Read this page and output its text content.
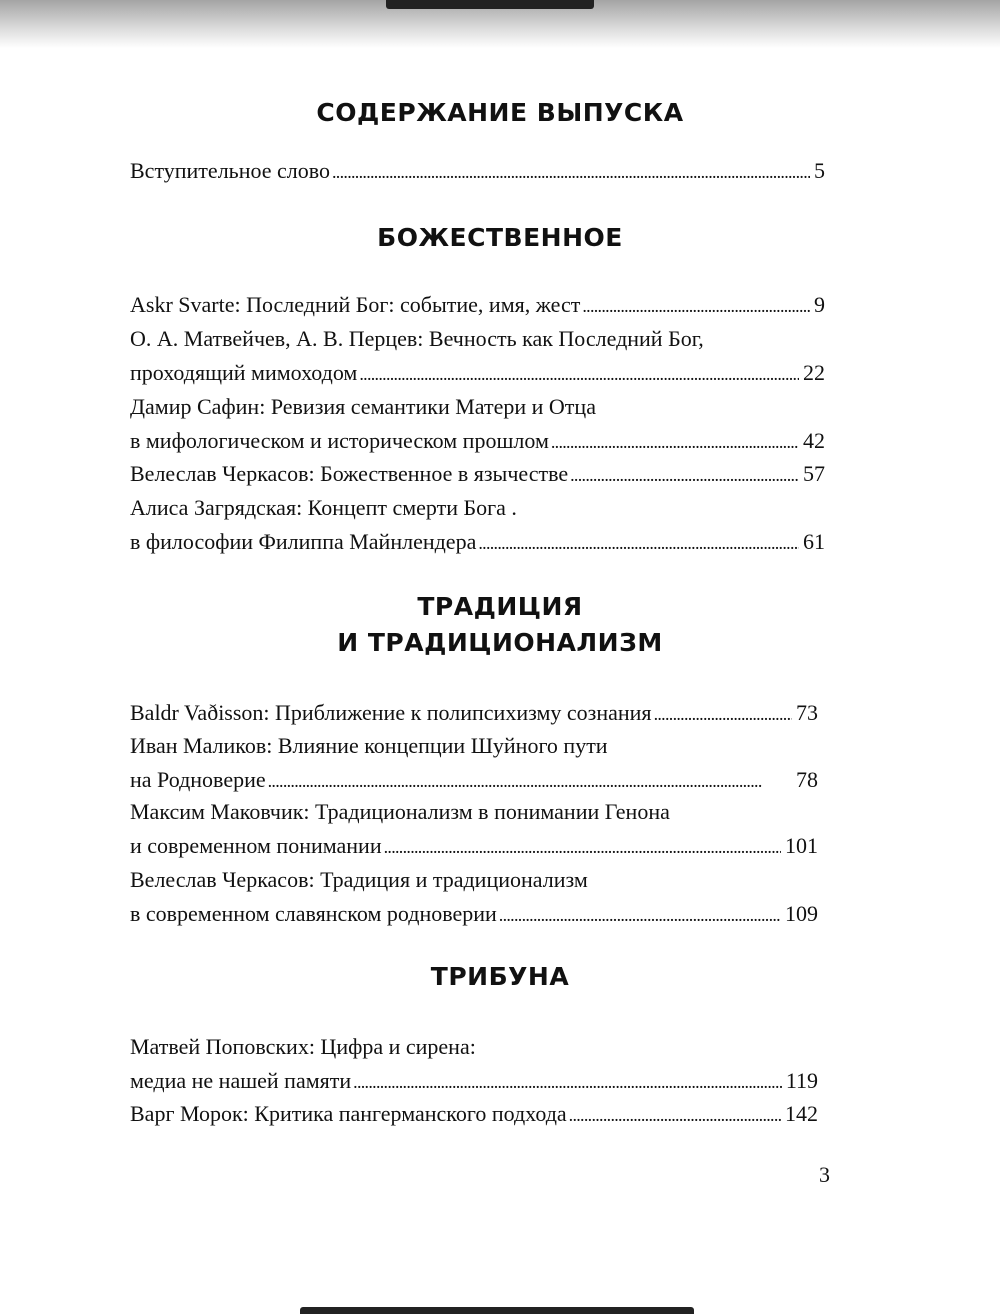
СОДЕРЖАНИЕ ВЫПУСКА
Вступительное слово . . .	5
БОЖЕСТВЕННОЕ
Askr Svarte: Последний Бог: событие, имя, жест . . .	9
О. А. Матвейчев, А. В. Перцев: Вечность как Последний Бог,
проходящий мимоходом . . .	22
Дамир Сафин: Ревизия семантики Матери и Отца
в мифологическом и историческом прошлом . . .	42
Велеслав Черкасов: Божественное в язычестве . . .	57
Алиса Загрядская: Концепт смерти Бога .
в философии Филиппа Майнлендера . . .	61
ТРАДИЦИЯ
И ТРАДИЦИОНАЛИЗМ
Baldr Vaðisson: Приближение к полипсихизму сознания . . .	73
Иван Маликов: Влияние концепции Шуйного пути
на Родноверие . . .	78
Максим Маковчик: Традиционализм в понимании Генона
и современном понимании . . .	101
Велеслав Черкасов: Традиция и традиционализм
в современном славянском родноверии . . .	109
ТРИБУНА
Матвей Поповских: Цифра и сирена:
медиа не нашей памяти . . .	119
Варг Морок: Критика пангерманского подхода . . .	142
3
